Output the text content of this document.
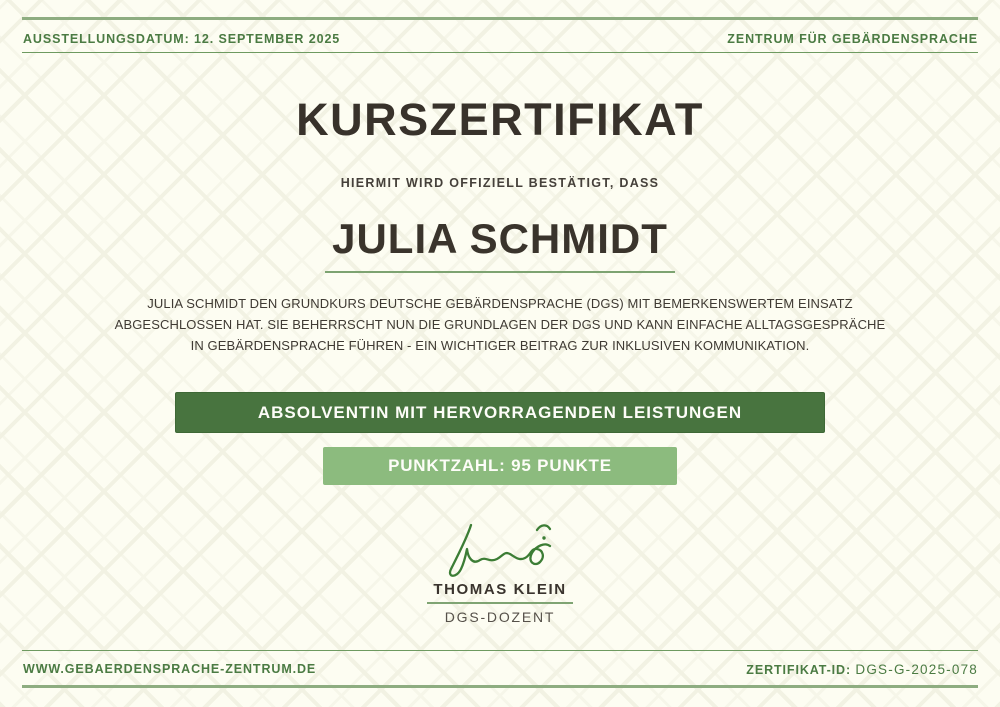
AUSSTELLUNGSDATUM: 12. SEPTEMBER 2025	ZENTRUM FÜR GEBÄRDENSPRACHE
KURSZERTIFIKAT
HIERMIT WIRD OFFIZIELL BESTÄTIGT, DASS
JULIA SCHMIDT
JULIA SCHMIDT DEN GRUNDKURS DEUTSCHE GEBÄRDENSPRACHE (DGS) MIT BEMERKENSWERTEM EINSATZ
ABGESCHLOSSEN HAT. SIE BEHERRSCHT NUN DIE GRUNDLAGEN DER DGS UND KANN EINFACHE ALLTAGSGESPRÄCHE
IN GEBÄRDENSPRACHE FÜHREN - EIN WICHTIGER BEITRAG ZUR INKLUSIVEN KOMMUNIKATION.
ABSOLVENTIN MIT HERVORRAGENDEN LEISTUNGEN
PUNKTZAHL: 95 PUNKTE
THOMAS KLEIN
DGS-DOZENT
WWW.GEBAERDENSPRACHE-ZENTRUM.DE	ZERTIFIKAT-ID: DGS-G-2025-078
